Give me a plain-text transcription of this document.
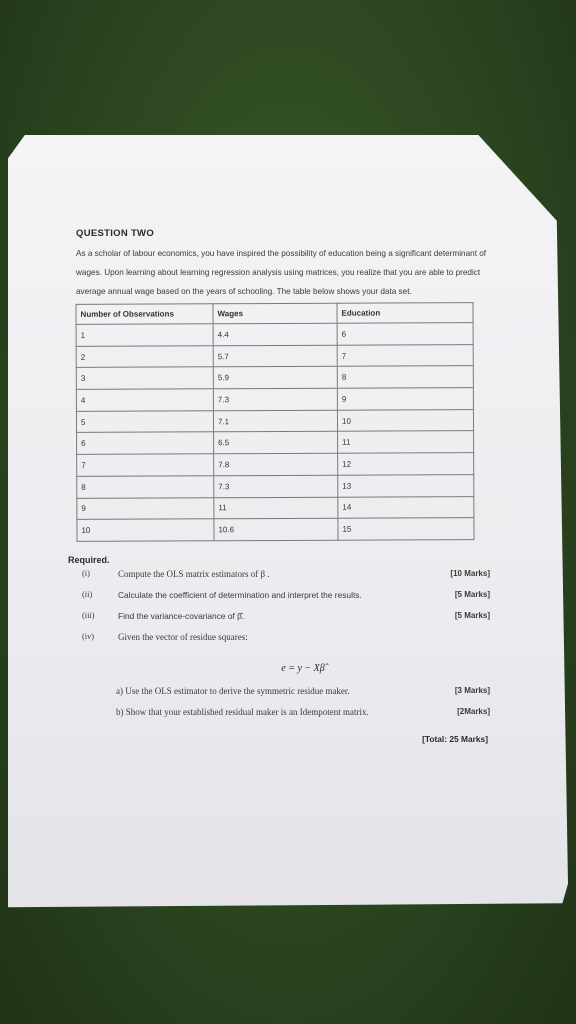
QUESTION TWO
As a scholar of labour economics, you have inspired the possibility of education being a significant determinant of wages. Upon learning about learning regression analysis using matrices, you realize that you are able to predict average annual wage based on the years of schooling. The table below shows your data set.
Number of Observations	Wages	Education
1	4.4	6
2	5.7	7
3	5.9	8
4	7.3	9
5	7.1	10
6	6.5	11
7	7.8	12
8	7.3	13
9	11	14
10	10.6	15
Required.
(i)	Compute the OLS matrix estimators of β .	[10 Marks]
(ii)	Calculate the coefficient of determination and interpret the results.	[5 Marks]
(iii)	Find the variance-covariance of β̂.	[5 Marks]
(iv)	Given the vector of residue squares:
e = y − Xβ̂
a) Use the OLS estimator to derive the symmetric residue maker.	[3 Marks]
b) Show that your established residual maker is an Idempotent matrix.	[2Marks]
[Total: 25 Marks]
